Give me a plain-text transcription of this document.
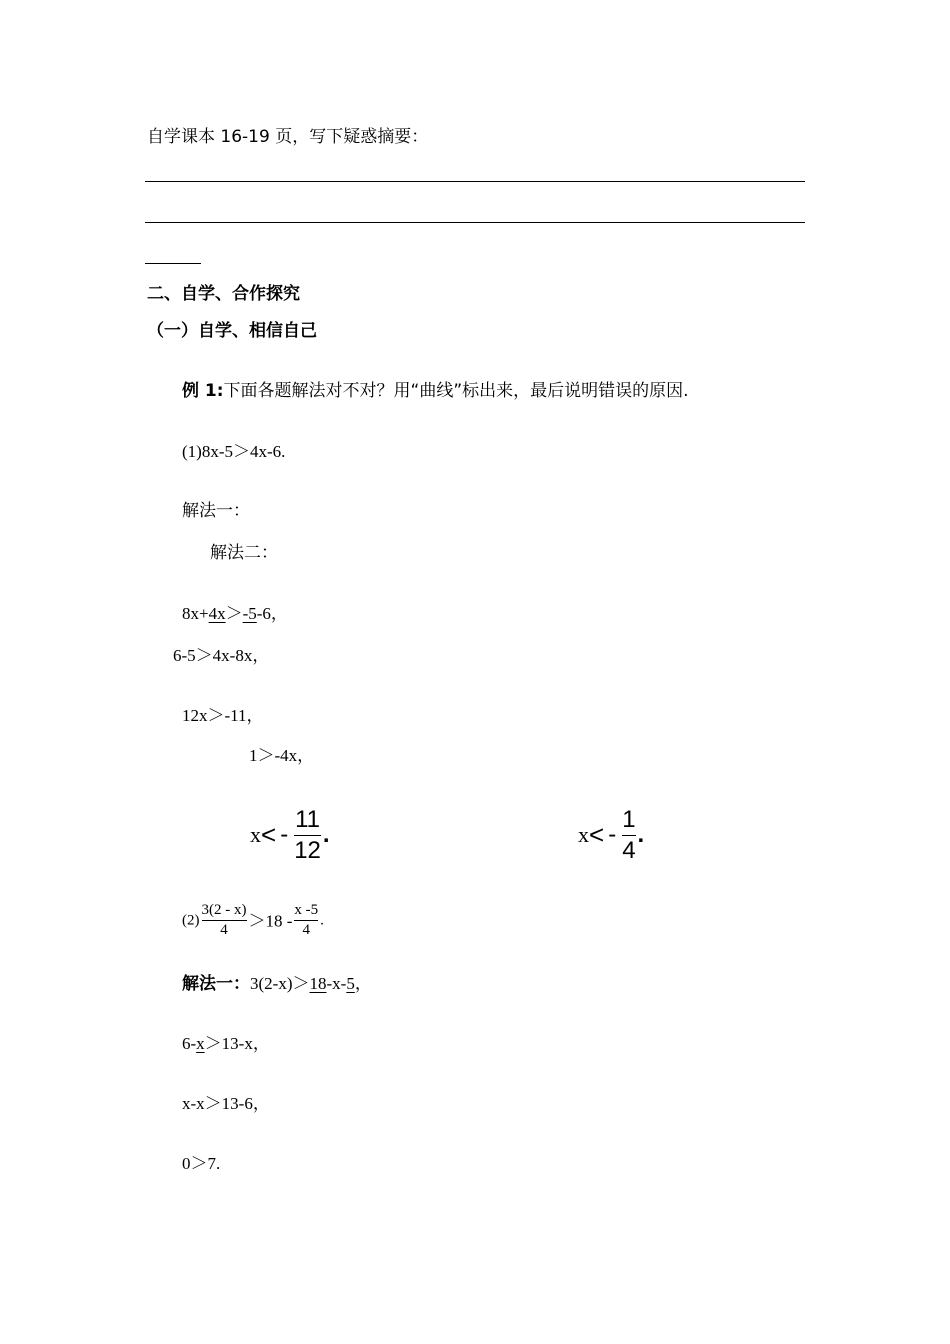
自学课本 16-19 页，写下疑惑摘要：
二、自学、合作探究
（一）自学、相信自己
例 1:下面各题解法对不对？用“曲线”标出来，最后说明错误的原因.
(1)8x-5＞4x-6.
解法一：
解法二：
8x+4x＞-5-6，
6-5＞4x-8x，
12x＞-11，
1＞-4x，
$x< - \frac{11}{12}$ .	$x< - \frac{1}{4}$ .
$(2) \frac{3(2 - x)}{4} >18 - \frac{x -5}{4}$ .
解法一：3(2-x)＞18-x-5，
6-x＞13-x，
x-x＞13-6，
0＞7.
